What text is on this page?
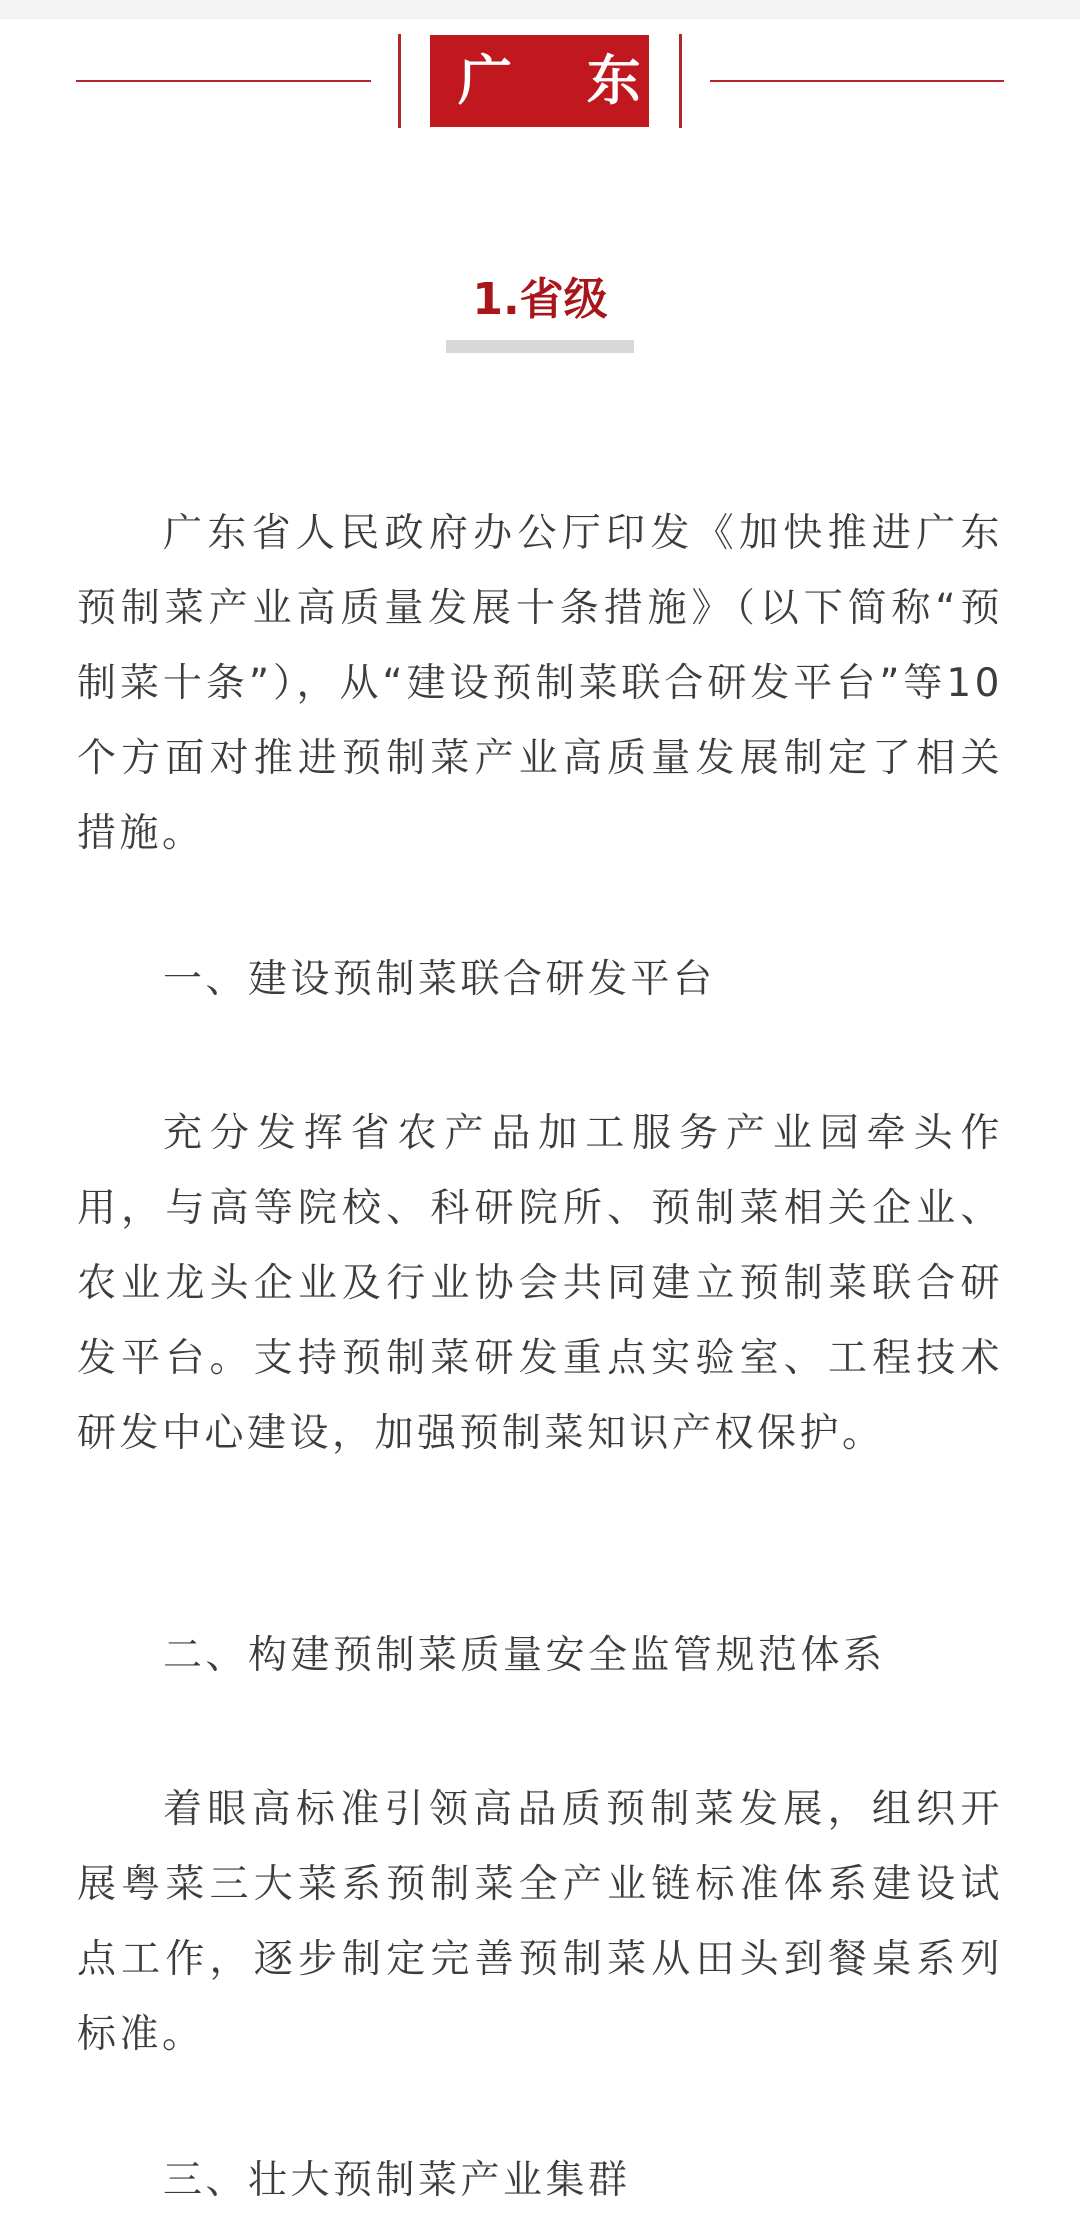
广 东
1.省级

广东省人民政府办公厅印发《加快推进广东预制菜产业高质量发展十条措施》（以下简称“预制菜十条”），从“建设预制菜联合研发平台”等10个方面对推进预制菜产业高质量发展制定了相关措施。

一、建设预制菜联合研发平台

充分发挥省农产品加工服务产业园牵头作用，与高等院校、科研院所、预制菜相关企业、农业龙头企业及行业协会共同建立预制菜联合研发平台。支持预制菜研发重点实验室、工程技术研发中心建设，加强预制菜知识产权保护。

二、构建预制菜质量安全监管规范体系

着眼高标准引领高品质预制菜发展，组织开展粤菜三大菜系预制菜全产业链标准体系建设试点工作，逐步制定完善预制菜从田头到餐桌系列标准。

三、壮大预制菜产业集群
